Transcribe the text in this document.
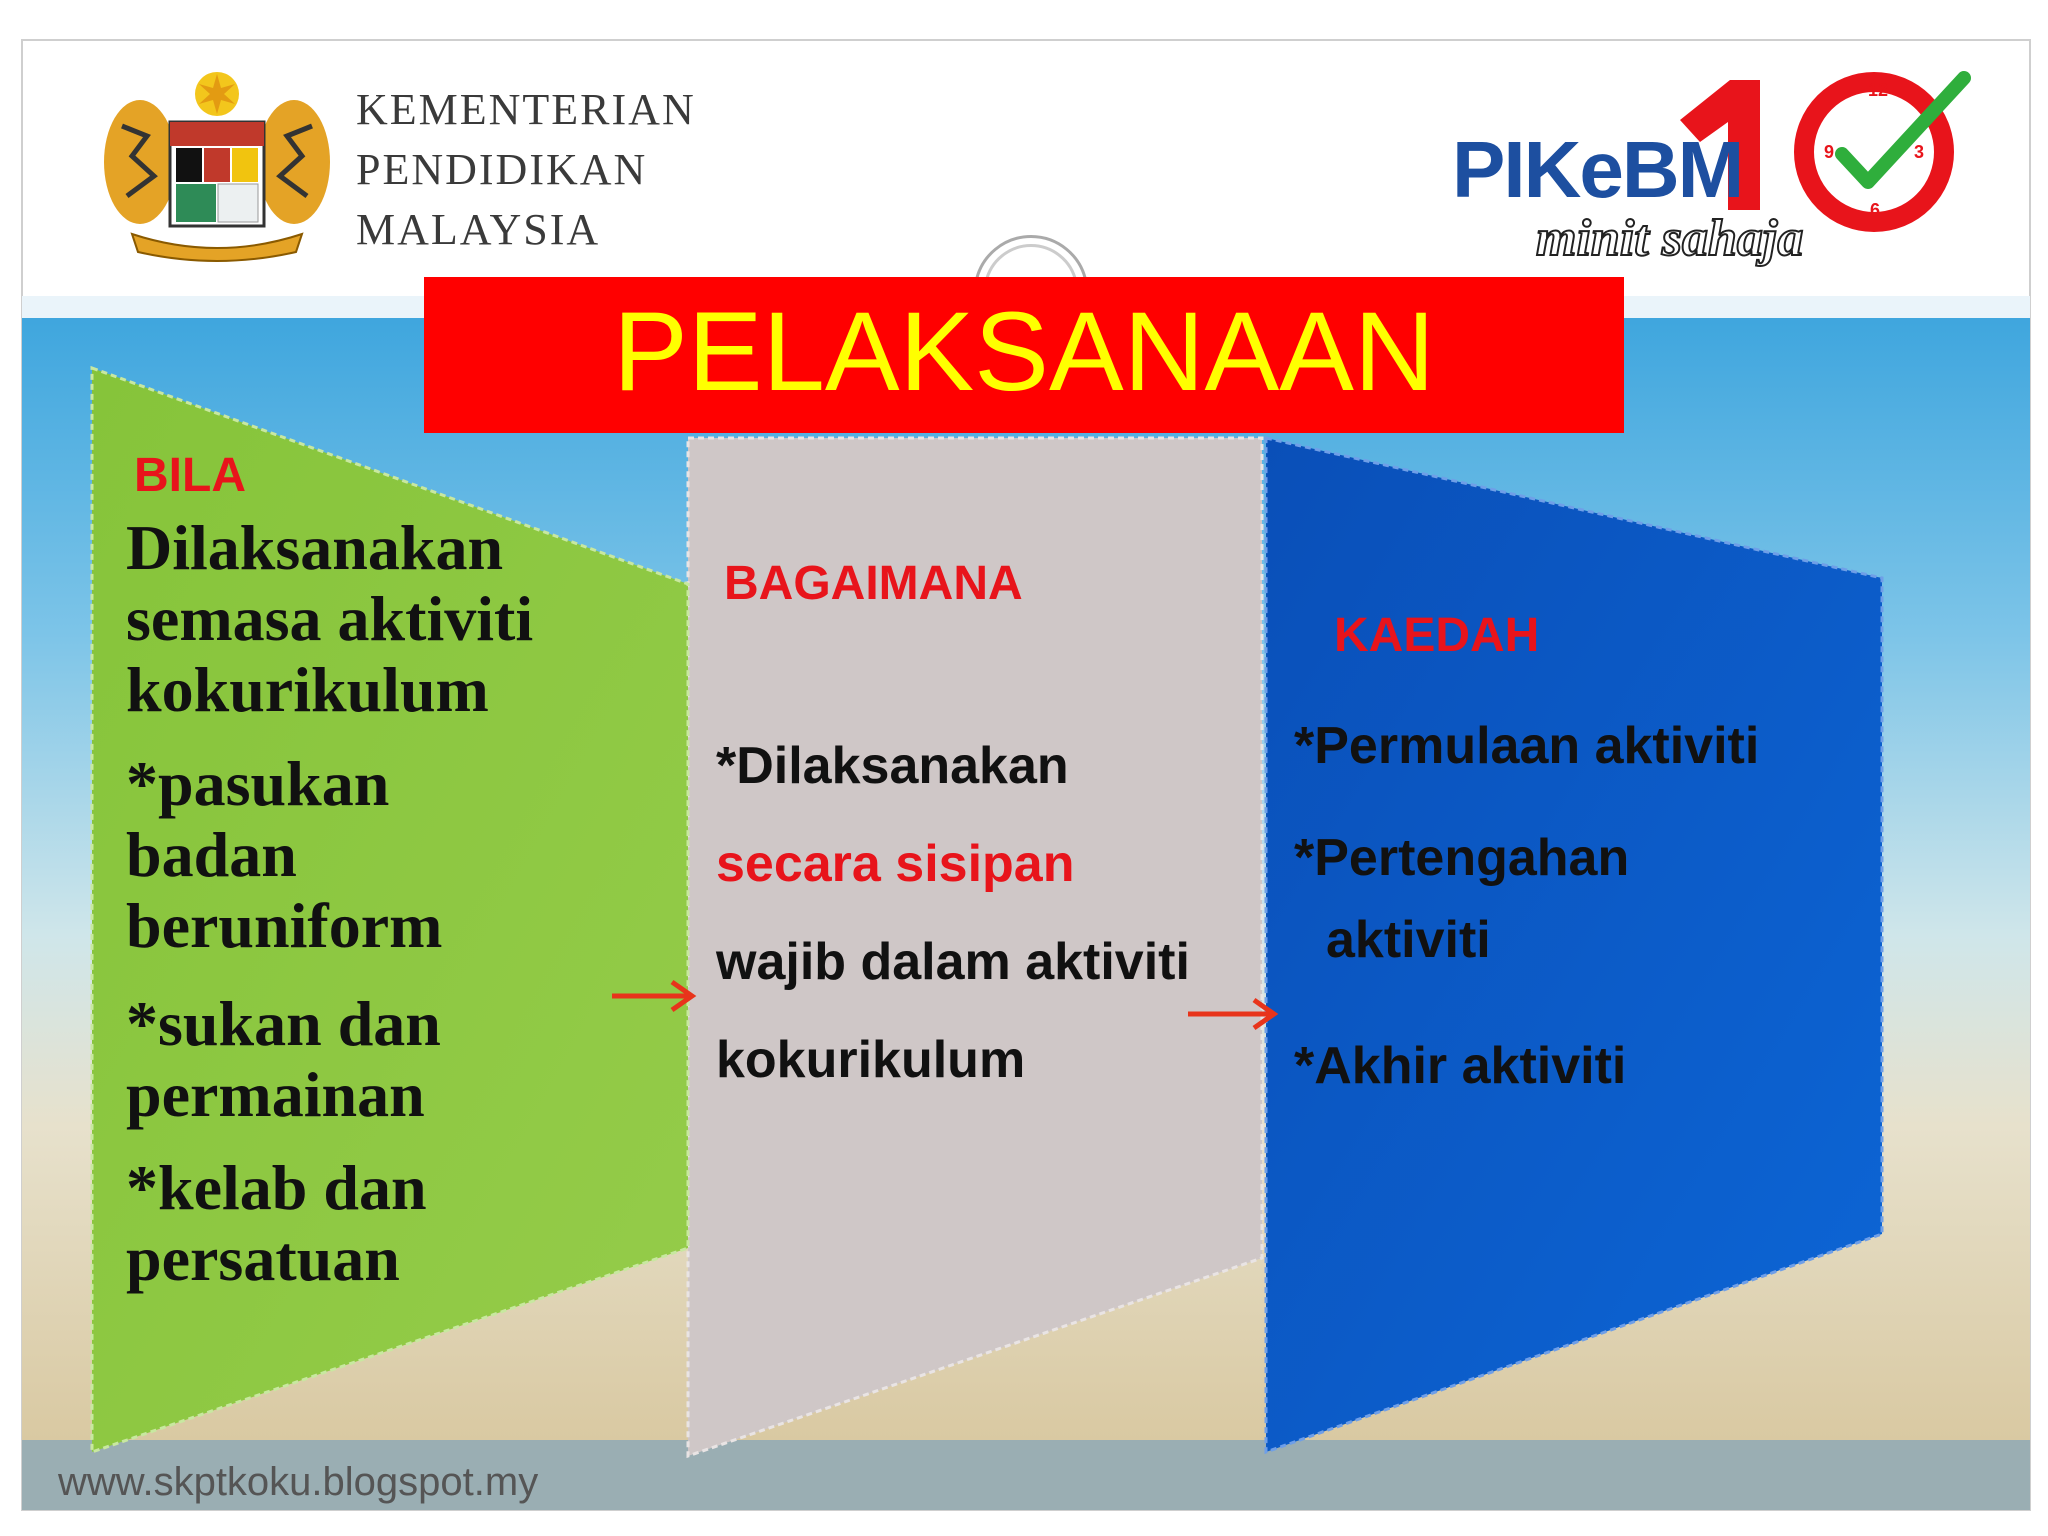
KEMENTERIAN
PENDIDIKAN
MALAYSIA
12
9	3
6
PIKeBM
minit sahaja
PELAKSANAAN
BILA
Dilaksanakan
semasa aktiviti
kokurikulum
*pasukan
badan
beruniform
*sukan dan
permainan
*kelab dan
persatuan
BAGAIMANA
*Dilaksanakan
secara sisipan
wajib dalam aktiviti
kokurikulum
KAEDAH
*Permulaan aktiviti
*Pertengahan
aktiviti
*Akhir aktiviti
www.skptkoku.blogspot.my
